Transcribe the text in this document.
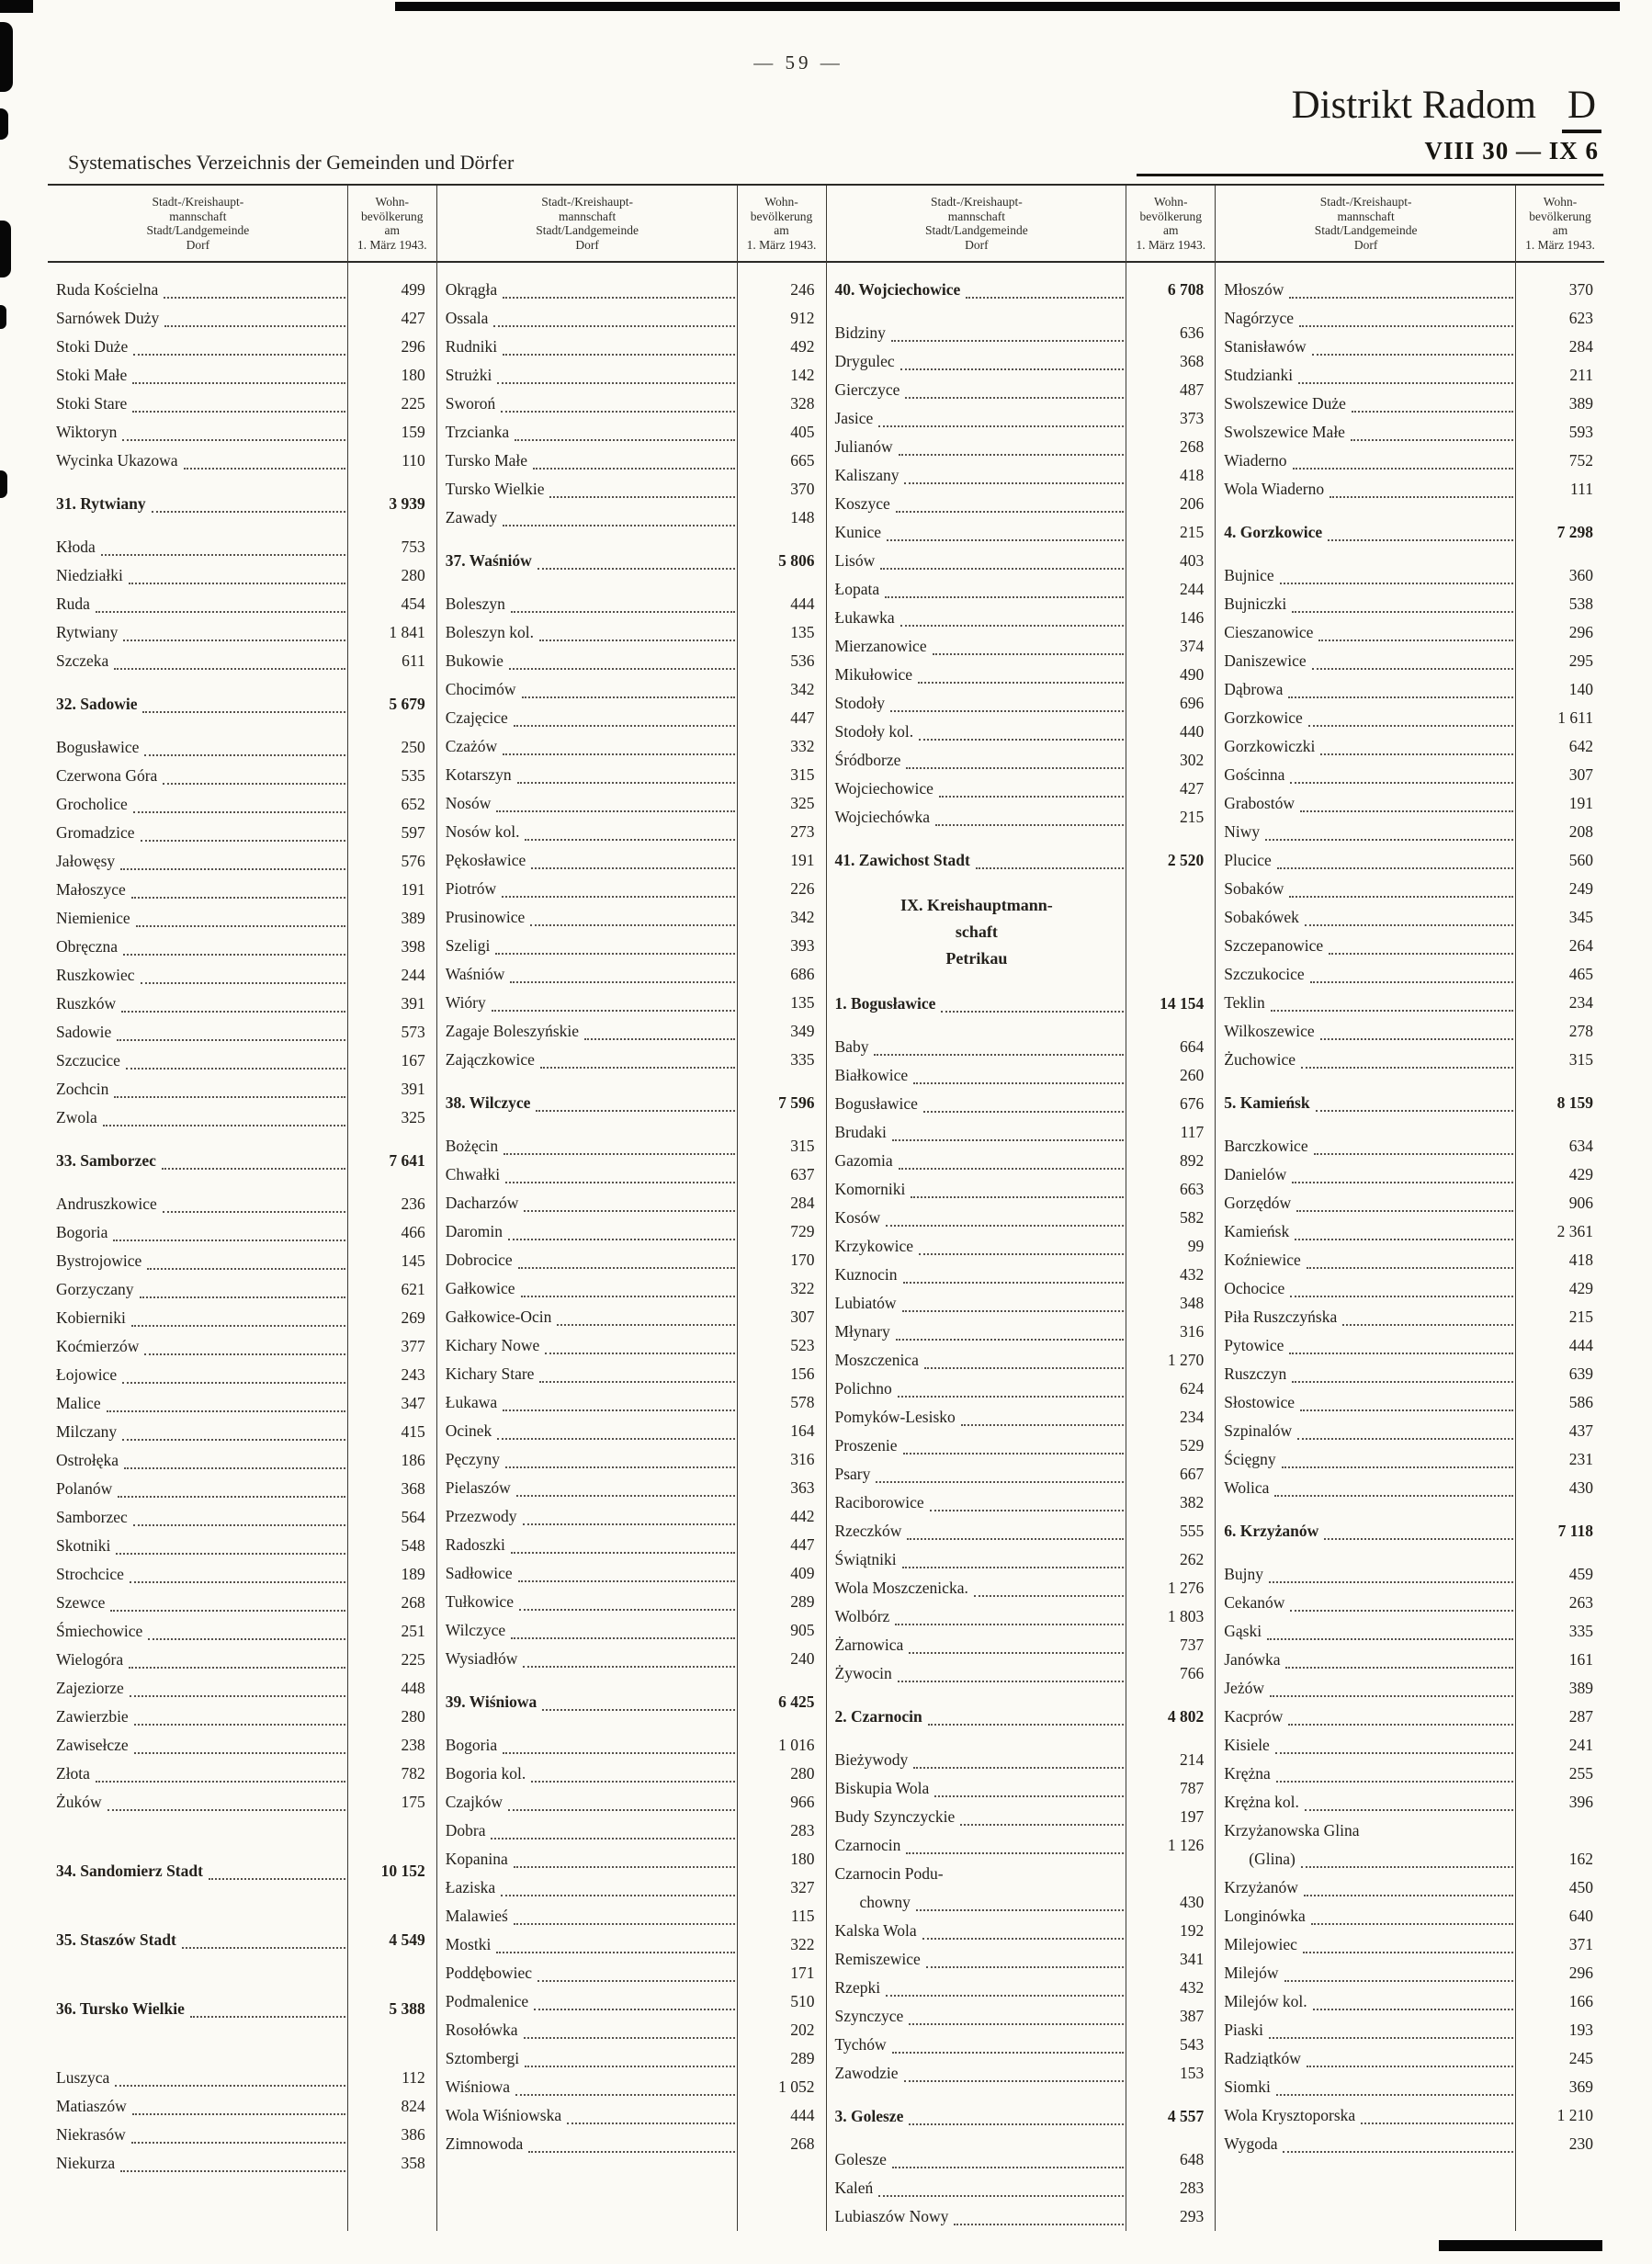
— 59 —
Distrikt Radom D
Systematisches Verzeichnis der Gemeinden und Dörfer	VIII 30 — IX 6
Stadt-/Kreishaupt-
mannschaft
Stadt/Landgemeinde
Dorf
Wohn-
bevölkerung
am
1. März 1943.
Ruda Kościelna	499
Sarnówek Duży	427
Stoki Duże	296
Stoki Małe	180
Stoki Stare	225
Wiktoryn	159
Wycinka Ukazowa	110
31. Rytwiany	3 939
Kłoda	753
Niedziałki	280
Ruda	454
Rytwiany	1 841
Szczeka	611
32. Sadowie	5 679
Bogusławice	250
Czerwona Góra	535
Grocholice	652
Gromadzice	597
Jałowęsy	576
Małoszyce	191
Niemienice	389
Obręczna	398
Ruszkowiec	244
Ruszków	391
Sadowie	573
Szczucice	167
Zochcin	391
Zwola	325
33. Samborzec	7 641
Andruszkowice	236
Bogoria	466
Bystrojowice	145
Gorzyczany	621
Kobierniki	269
Koćmierzów	377
Łojowice	243
Malice	347
Milczany	415
Ostrołęka	186
Polanów	368
Samborzec	564
Skotniki	548
Strochcice	189
Szewce	268
Śmiechowice	251
Wielogóra	225
Zajeziorze	448
Zawierzbie	280
Zawisełcze	238
Złota	782
Żuków	175
34. Sandomierz Stadt	10 152
35. Staszów Stadt	4 549
36. Tursko Wielkie	5 388
Luszyca	112
Matiaszów	824
Niekrasów	386
Niekurza	358
Stadt-/Kreishaupt-
mannschaft
Stadt/Landgemeinde
Dorf
Wohn-
bevölkerung
am
1. März 1943.
Okrągła	246
Ossala	912
Rudniki	492
Strużki	142
Sworoń	328
Trzcianka	405
Tursko Małe	665
Tursko Wielkie	370
Zawady	148
37. Waśniów	5 806
Boleszyn	444
Boleszyn kol.	135
Bukowie	536
Chocimów	342
Czajęcice	447
Czażów	332
Kotarszyn	315
Nosów	325
Nosów kol.	273
Pękosławice	191
Piotrów	226
Prusinowice	342
Szeligi	393
Waśniów	686
Wióry	135
Zagaje Boleszyńskie	349
Zajączkowice	335
38. Wilczyce	7 596
Bożęcin	315
Chwałki	637
Dacharzów	284
Daromin	729
Dobrocice	170
Gałkowice	322
Gałkowice-Ocin	307
Kichary Nowe	523
Kichary Stare	156
Łukawa	578
Ocinek	164
Pęczyny	316
Pielaszów	363
Przezwody	442
Radoszki	447
Sadłowice	409
Tułkowice	289
Wilczyce	905
Wysiadłów	240
39. Wiśniowa	6 425
Bogoria	1 016
Bogoria kol.	280
Czajków	966
Dobra	283
Kopanina	180
Łaziska	327
Malawieś	115
Mostki	322
Poddębowiec	171
Podmalenice	510
Rosołówka	202
Sztombergi	289
Wiśniowa	1 052
Wola Wiśniowska	444
Zimnowoda	268
Stadt-/Kreishaupt-
mannschaft
Stadt/Landgemeinde
Dorf
Wohn-
bevölkerung
am
1. März 1943.
40. Wojciechowice	6 708
Bidziny	636
Drygulec	368
Gierczyce	487
Jasice	373
Julianów	268
Kaliszany	418
Koszyce	206
Kunice	215
Lisów	403
Łopata	244
Łukawka	146
Mierzanowice	374
Mikułowice	490
Stodoły	696
Stodoły kol.	440
Śródborze	302
Wojciechowice	427
Wojciechówka	215
41. Zawichost Stadt	2 520
IX. Kreishauptmann-
schaft
Petrikau
1. Bogusławice	14 154
Baby	664
Białkowice	260
Bogusławice	676
Brudaki	117
Gazomia	892
Komorniki	663
Kosów	582
Krzykowice	99
Kuznocin	432
Lubiatów	348
Młynary	316
Moszczenica	1 270
Polichno	624
Pomyków-Lesisko	234
Proszenie	529
Psary	667
Raciborowice	382
Rzeczków	555
Świątniki	262
Wola Moszczenicka.	1 276
Wolbórz	1 803
Żarnowica	737
Żywocin	766
2. Czarnocin	4 802
Bieżywody	214
Biskupia Wola	787
Budy Szynczyckie	197
Czarnocin	1 126
Czarnocin Podu-
chowny	430
Kalska Wola	192
Remiszewice	341
Rzepki	432
Szynczyce	387
Tychów	543
Zawodzie	153
3. Golesze	4 557
Golesze	648
Kaleń	283
Lubiaszów Nowy	293
Stadt-/Kreishaupt-
mannschaft
Stadt/Landgemeinde
Dorf
Wohn-
bevölkerung
am
1. März 1943.
Młoszów	370
Nagórzyce	623
Stanisławów	284
Studzianki	211
Swolszewice Duże	389
Swolszewice Małe	593
Wiaderno	752
Wola Wiaderno	111
4. Gorzkowice	7 298
Bujnice	360
Bujniczki	538
Cieszanowice	296
Daniszewice	295
Dąbrowa	140
Gorzkowice	1 611
Gorzkowiczki	642
Gościnna	307
Grabostów	191
Niwy	208
Plucice	560
Sobaków	249
Sobakówek	345
Szczepanowice	264
Szczukocice	465
Teklin	234
Wilkoszewice	278
Żuchowice	315
5. Kamieńsk	8 159
Barczkowice	634
Danielów	429
Gorzędów	906
Kamieńsk	2 361
Koźniewice	418
Ochocice	429
Piła Ruszczyńska	215
Pytowice	444
Ruszczyn	639
Słostowice	586
Szpinalów	437
Ścięgny	231
Wolica	430
6. Krzyżanów	7 118
Bujny	459
Cekanów	263
Gąski	335
Janówka	161
Jeżów	389
Kacprów	287
Kisiele	241
Krężna	255
Krężna kol.	396
Krzyżanowska Glina
(Glina)	162
Krzyżanów	450
Longinówka	640
Milejowiec	371
Milejów	296
Milejów kol.	166
Piaski	193
Radziątków	245
Siomki	369
Wola Krysztoporska	1 210
Wygoda	230
